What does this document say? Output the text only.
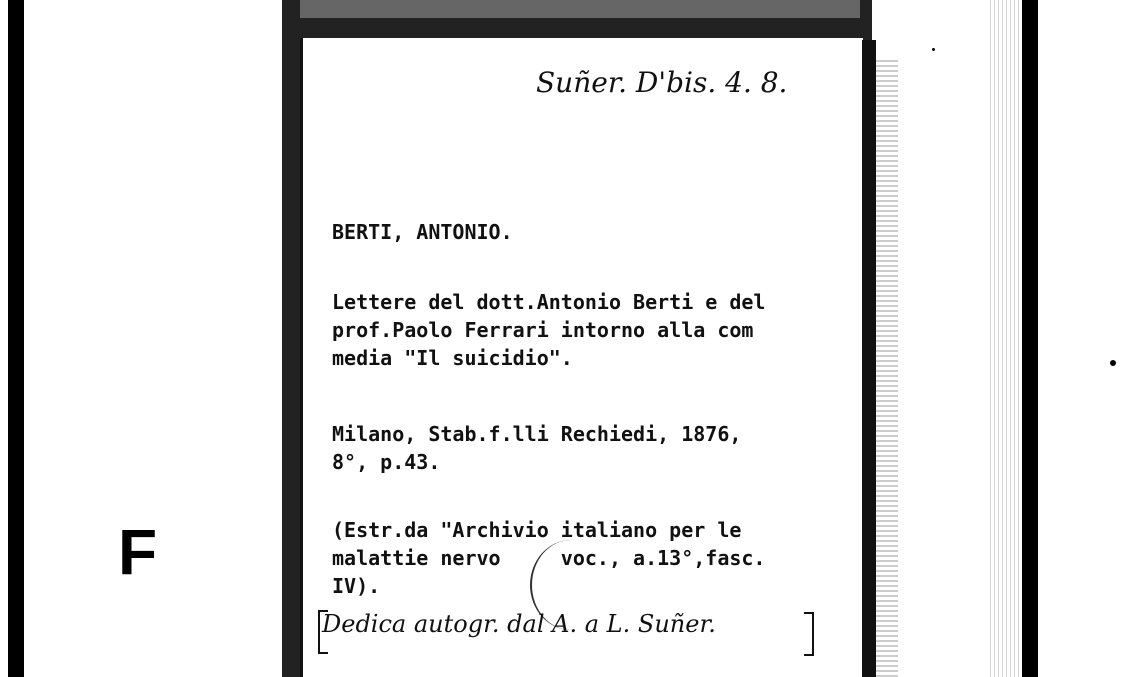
F
Suñer. D'bis. 4. 8.

BERTI, ANTONIO.

Lettere del dott.Antonio Berti e del

prof.Paolo Ferrari intorno alla com

media "Il suicidio".

Milano, Stab.f.lli Rechiedi, 1876,

8°, p.43.

(Estr.da "Archivio italiano per le

malattie nervo     voc., a.13°,fasc.

IV).

Dedica autogr. dal A. a L. Suñer.
